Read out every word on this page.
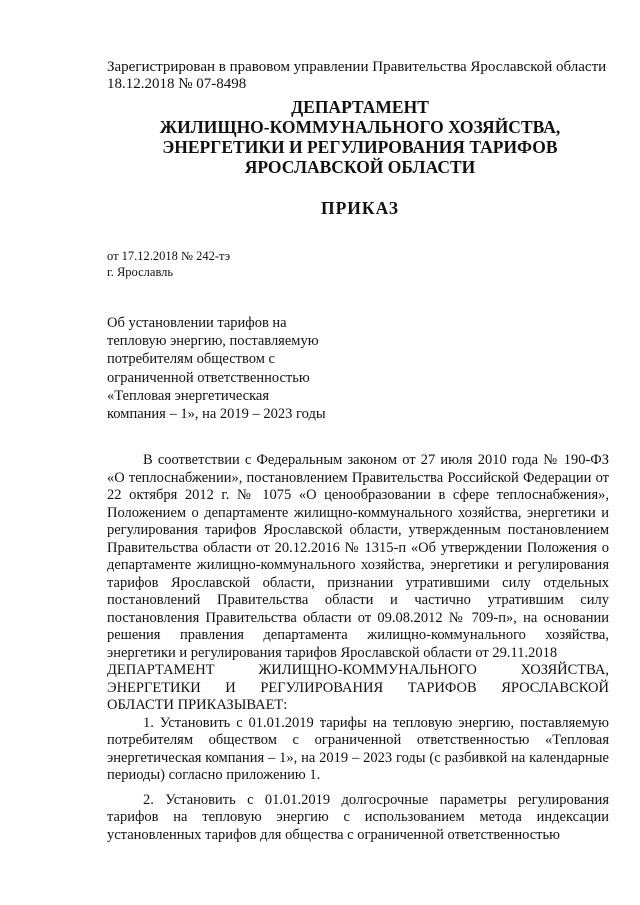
Зарегистрирован в правовом управлении Правительства Ярославской области
18.12.2018 № 07-8498
ДЕПАРТАМЕНТ
ЖИЛИЩНО-КОММУНАЛЬНОГО ХОЗЯЙСТВА,
ЭНЕРГЕТИКИ И РЕГУЛИРОВАНИЯ ТАРИФОВ
ЯРОСЛАВСКОЙ ОБЛАСТИ
ПРИКАЗ
от 17.12.2018 № 242-тэ
г. Ярославль
Об установлении тарифов на
тепловую энергию, поставляемую
потребителям обществом с
ограниченной ответственностью
«Тепловая энергетическая
компания – 1», на 2019 – 2023 годы

В соответствии с Федеральным законом от 27 июля 2010 года № 190-ФЗ «О теплоснабжении», постановлением Правительства Российской Федерации от 22 октября 2012 г. № 1075 «О ценообразовании в сфере теплоснабжения», Положением о департаменте жилищно-коммунального хозяйства, энергетики и регулирования тарифов Ярославской области, утвержденным постановлением Правительства области от 20.12.2016 № 1315-п «Об утверждении Положения о департаменте жилищно-коммунального хозяйства, энергетики и регулирования тарифов Ярославской области, признании утратившими силу отдельных постановлений Правительства области и частично утратившим силу постановления Правительства области от 09.08.2012 № 709-п», на основании решения правления департамента жилищно-коммунального хозяйства, энергетики и регулирования тарифов Ярославской области от 29.11.2018

ДЕПАРТАМЕНТ ЖИЛИЩНО-КОММУНАЛЬНОГО ХОЗЯЙСТВА, ЭНЕРГЕТИКИ И РЕГУЛИРОВАНИЯ ТАРИФОВ ЯРОСЛАВСКОЙ

ОБЛАСТИ ПРИКАЗЫВАЕТ:

1. Установить с 01.01.2019 тарифы на тепловую энергию, поставляемую потребителям обществом с ограниченной ответственностью «Тепловая энергетическая компания – 1», на 2019 – 2023 годы (с разбивкой на календарные периоды) согласно приложению 1.

2. Установить с 01.01.2019 долгосрочные параметры регулирования тарифов на тепловую энергию с использованием метода индексации установленных тарифов для общества с ограниченной ответственностью
